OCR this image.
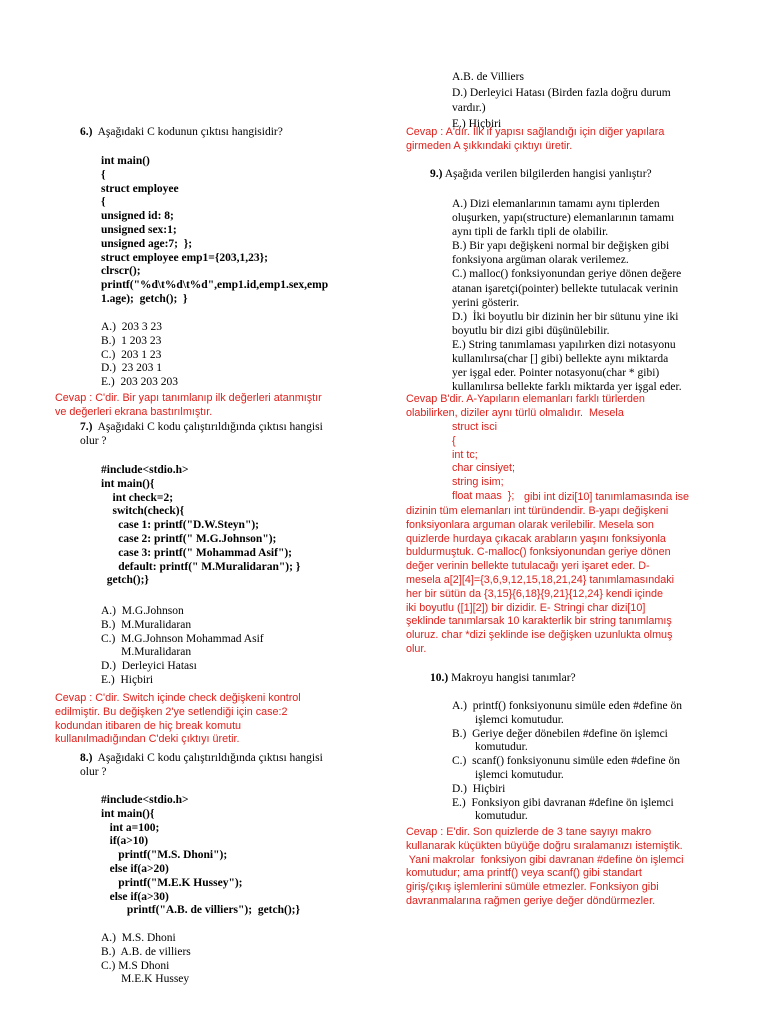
6.) Aşağıdaki C kodunun çıktısı hangisidir?
int main()
{
struct employee
{
unsigned id: 8;
unsigned sex:1;
unsigned age:7;  };
struct employee emp1={203,1,23};
clrscr();
printf("%d\t%d\t%d",emp1.id,emp1.sex,emp
1.age);  getch();  }
A.)  203 3 23
B.)  1 203 23
C.)  203 1 23
D.)  23 203 1
E.)  203 203 203
Cevap : C'dir. Bir yapı tanımlanıp ilk değerleri atanmıştır
ve değerleri ekrana bastırılmıştır.
7.) Aşağıdaki C kodu çalıştırıldığında çıktısı hangisi
olur ?
#include<stdio.h>
int main(){
int check=2;
switch(check){
case 1: printf("D.W.Steyn");
case 2: printf(" M.G.Johnson");
case 3: printf(" Mohammad Asif");
default: printf(" M.Muralidaran"); }
getch();}
A.)  M.G.Johnson
B.)  M.Muralidaran
C.)  M.G.Johnson Mohammad Asif
M.Muralidaran
D.)  Derleyici Hatası
E.)  Hiçbiri
Cevap : C'dir. Switch içinde check değişkeni kontrol
edilmiştir. Bu değişken 2'ye setlendiği için case:2
kodundan itibaren de hiç break komutu
kullanılmadığından C'deki çıktıyı üretir.
8.) Aşağıdaki C kodu çalıştırıldığında çıktısı hangisi
olur ?
#include<stdio.h>
int main(){
int a=100;
if(a>10)
printf("M.S. Dhoni");
else if(a>20)
printf("M.E.K Hussey");
else if(a>30)
printf("A.B. de villiers");  getch();}
A.)  M.S. Dhoni
B.)  A.B. de villiers
C.) M.S Dhoni
M.E.K Hussey
A.B. de Villiers
D.) Derleyici Hatası (Birden fazla doğru durum
vardır.)
E.) Hiçbiri
Cevap : A'dır. İlk if yapısı sağlandığı için diğer yapılara
girmeden A şıkkındaki çıktıyı üretir.
9.) Aşağıda verilen bilgilerden hangisi yanlıştır?
A.) Dizi elemanlarının tamamı aynı tiplerden
oluşurken, yapı(structure) elemanlarının tamamı
aynı tipli de farklı tipli de olabilir.
B.) Bir yapı değişkeni normal bir değişken gibi
fonksiyona argüman olarak verilemez.
C.) malloc() fonksiyonundan geriye dönen değere
atanan işaretçi(pointer) bellekte tutulacak verinin
yerini gösterir.
D.)  İki boyutlu bir dizinin her bir sütunu yine iki
boyutlu bir dizi gibi düşünülebilir.
E.) String tanımlaması yapılırken dizi notasyonu
kullanılırsa(char [] gibi) bellekte aynı miktarda
yer işgal eder. Pointer notasyonu(char * gibi)
kullanılırsa bellekte farklı miktarda yer işgal eder.
Cevap B'dir. A-Yapıların elemanları farklı türlerden
olabilirken, diziler aynı türlü olmalıdır.  Mesela
struct isci
{
int tc;
char cinsiyet;
string isim;
float maas  }; gibi int dizi[10] tanımlamasında ise
dizinin tüm elemanları int türündendir. B-yapı değişkeni
fonksiyonlara arguman olarak verilebilir. Mesela son
quizlerde hurdaya çıkacak arabların yaşını fonksiyonla
buldurmuştuk. C-malloc() fonksiyonundan geriye dönen
değer verinin bellekte tutulacağı yeri işaret eder. D-
mesela a[2][4]={3,6,9,12,15,18,21,24} tanımlamasındaki
her bir sütün da {3,15}{6,18}{9,21}{12,24} kendi içinde
iki boyutlu ([1][2]) bir dizidir. E- Stringi char dizi[10]
şeklinde tanımlarsak 10 karakterlik bir string tanımlamış
oluruz. char *dizi şeklinde ise değişken uzunlukta olmuş
olur.
10.) Makroyu hangisi tanımlar?
A.)  printf() fonksiyonunu simüle eden #define ön
işlemci komutudur.
B.)  Geriye değer dönebilen #define ön işlemci
komutudur.
C.)  scanf() fonksiyonunu simüle eden #define ön
işlemci komutudur.
D.)  Hiçbiri
E.)  Fonksiyon gibi davranan #define ön işlemci
komutudur.
Cevap : E'dir. Son quizlerde de 3 tane sayıyı makro
kullanarak küçükten büyüğe doğru sıralamanızı istemiştik.
Yani makrolar  fonksiyon gibi davranan #define ön işlemci
komutudur; ama printf() veya scanf() gibi standart
giriş/çıkış işlemlerini sümüle etmezler. Fonksiyon gibi
davranmalarına rağmen geriye değer döndürmezler.
